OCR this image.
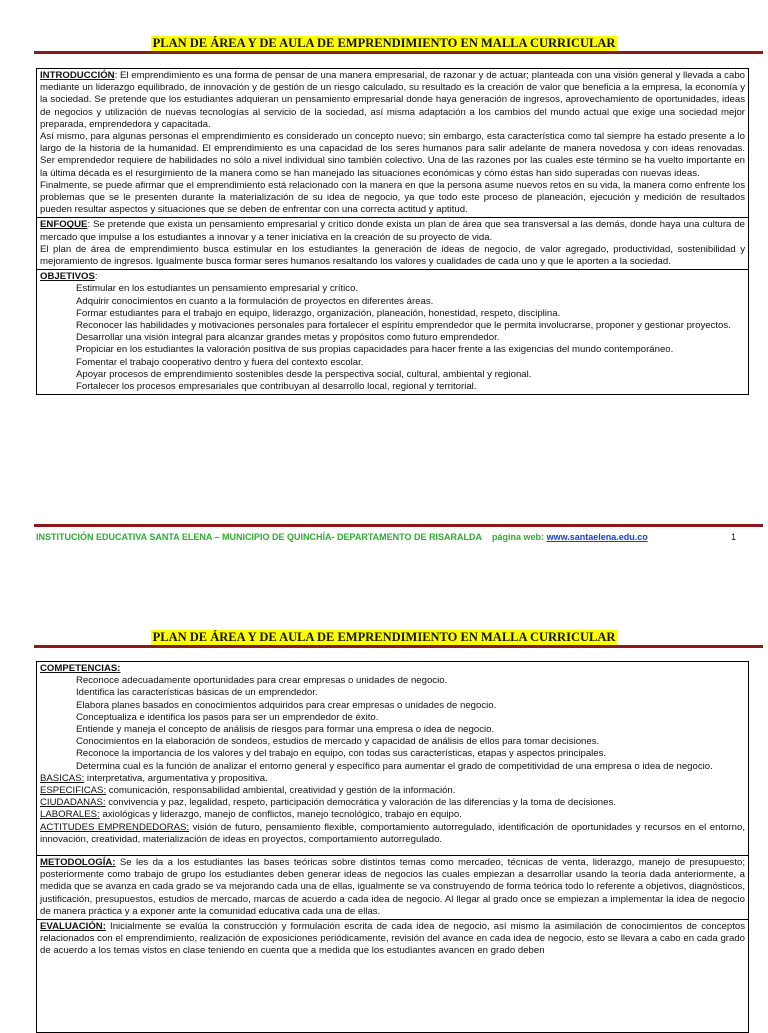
PLAN DE ÁREA Y DE AULA DE EMPRENDIMIENTO EN MALLA CURRICULAR

INTRODUCCIÓN: El emprendimiento es una forma de pensar de una manera empresarial, de razonar y de actuar; planteada con una visión general y llevada a cabo mediante un liderazgo equilibrado, de innovación y de gestión de un riesgo calculado, su resultado es la creación de valor que beneficia a la empresa, la economía y la sociedad. Se pretende que los estudiantes adquieran un pensamiento empresarial donde haya generación de ingresos, aprovechamiento de oportunidades, ideas de negocios y utilización de nuevas tecnologías al servicio de la sociedad, así misma adaptación a los cambios del mundo actual que exige una sociedad mejor preparada, emprendedora y capacitada.

Así mismo, para algunas personas el emprendimiento es considerado un concepto nuevo; sin embargo, esta característica como tal siempre ha estado presente a lo largo de la historia de la humanidad. El emprendimiento es una capacidad de los seres humanos para salir adelante de manera novedosa y con ideas renovadas. Ser emprendedor requiere de habilidades no sólo a nivel individual sino también colectivo. Una de las razones por las cuales este término se ha vuelto importante en la última década es el resurgimiento de la manera como se han manejado las situaciones económicas y cómo éstas han sido superadas con nuevas ideas.

Finalmente, se puede afirmar que el emprendimiento está relacionado con la manera en que la persona asume nuevos retos en su vida, la manera como enfrente los problemas que se le presenten durante la materialización de su idea de negocio, ya que todo este proceso de planeación, ejecución y medición de resultados pueden resultar aspectos y situaciones que se deben de enfrentar con una correcta actitud y aptitud.

ENFOQUE: Se pretende que exista un pensamiento empresarial y crítico donde exista un plan de área que sea transversal a las demás, donde haya una cultura de mercado que impulse a los estudiantes a innovar y a tener iniciativa en la creación de su proyecto de vida.

El plan de área de emprendimiento busca estimular en los estudiantes la generación de ideas de negocio, de valor agregado, productividad, sostenibilidad y mejoramiento de ingresos. Igualmente busca formar seres humanos resaltando los valores y cualidades de cada uno y que le aporten a la sociedad.

OBJETIVOS:

Estimular en los estudiantes un pensamiento empresarial y crítico.

Adquirir conocimientos en cuanto a la formulación de proyectos en diferentes áreas.

Formar estudiantes para el trabajo en equipo, liderazgo, organización, planeación, honestidad, respeto, disciplina.

Reconocer las habilidades y motivaciones personales para fortalecer el espíritu emprendedor que le permita involucrarse, proponer y gestionar proyectos.

Desarrollar una visión integral para alcanzar grandes metas y propósitos como futuro emprendedor.

Propiciar en los estudiantes la valoración positiva de sus propias capacidades para hacer frente a las exigencias del mundo contemporáneo.

Fomentar el trabajo cooperativo dentro y fuera del contexto escolar.

Apoyar procesos de emprendimiento sostenibles desde la perspectiva social, cultural, ambiental y regional.

Fortalecer los procesos empresariales que contribuyan al desarrollo local, regional y territorial.

INSTITUCIÓN EDUCATIVA SANTA ELENA – MUNICIPIO DE QUINCHÍA- DEPARTAMENTO DE RISARALDA página web: www.santaelena.edu.co	1
PLAN DE ÁREA Y DE AULA DE EMPRENDIMIENTO EN MALLA CURRICULAR

COMPETENCIAS:

Reconoce adecuadamente oportunidades para crear empresas o unidades de negocio.

Identifica las características básicas de un emprendedor.

Elabora planes basados en conocimientos adquiridos para crear empresas o unidades de negocio.

Conceptualiza e identifica los pasos para ser un emprendedor de éxito.

Entiende y maneja el concepto de análisis de riesgos para formar una empresa o idea de negocio.

Conocimientos en la elaboración de sondeos, estudios de mercado y capacidad de análisis de ellos para tomar decisiones.

Reconoce la importancia de los valores y del trabajo en equipo, con todas sus características, etapas y aspectos principales.

Determina cual es la función de analizar el entorno general y específico para aumentar el grado de competitividad de una empresa o idea de negocio.

BASICAS: interpretativa, argumentativa y propositiva.

ESPECIFICAS: comunicación, responsabilidad ambiental, creatividad y gestión de la información.

CIUDADANAS: convivencia y paz, legalidad, respeto, participación democrática y valoración de las diferencias y la toma de decisiones.

LABORALES: axiológicas y liderazgo, manejo de conflictos, manejo tecnológico, trabajo en equipo.

ACTITUDES EMPRENDEDORAS: visión de futuro, pensamiento flexible, comportamiento autorregulado, identificación de oportunidades y recursos en el entorno, innovación, creatividad, materialización de ideas en proyectos, comportamiento autorregulado.

METODOLOGÍA: Se les da a los estudiantes las bases teóricas sobre distintos temas como mercadeo, técnicas de venta, liderazgo, manejo de presupuesto; posteriormente como trabajo de grupo los estudiantes deben generar ideas de negocios las cuales empiezan a desarrollar usando la teoría dada anteriormente, a medida que se avanza en cada grado se va mejorando cada una de ellas, igualmente se va construyendo de forma teórica todo lo referente a objetivos, diagnósticos, justificación, presupuestos, estudios de mercado, marcas de acuerdo a cada idea de negocio. Al llegar al grado once se empiezan a implementar la idea de negocio de manera práctica y a exponer ante la comunidad educativa cada una de ellas.

EVALUACIÓN: Inicialmente se evalúa la construcción y formulación escrita de cada idea de negocio, así mismo la asimilación de conocimientos de conceptos relacionados con el emprendimiento, realización de exposiciones periódicamente, revisión del avance en cada idea de negocio, esto se llevara a cabo en cada grado de acuerdo a los temas vistos en clase teniendo en cuenta que a medida que los estudiantes avancen en grado deben
